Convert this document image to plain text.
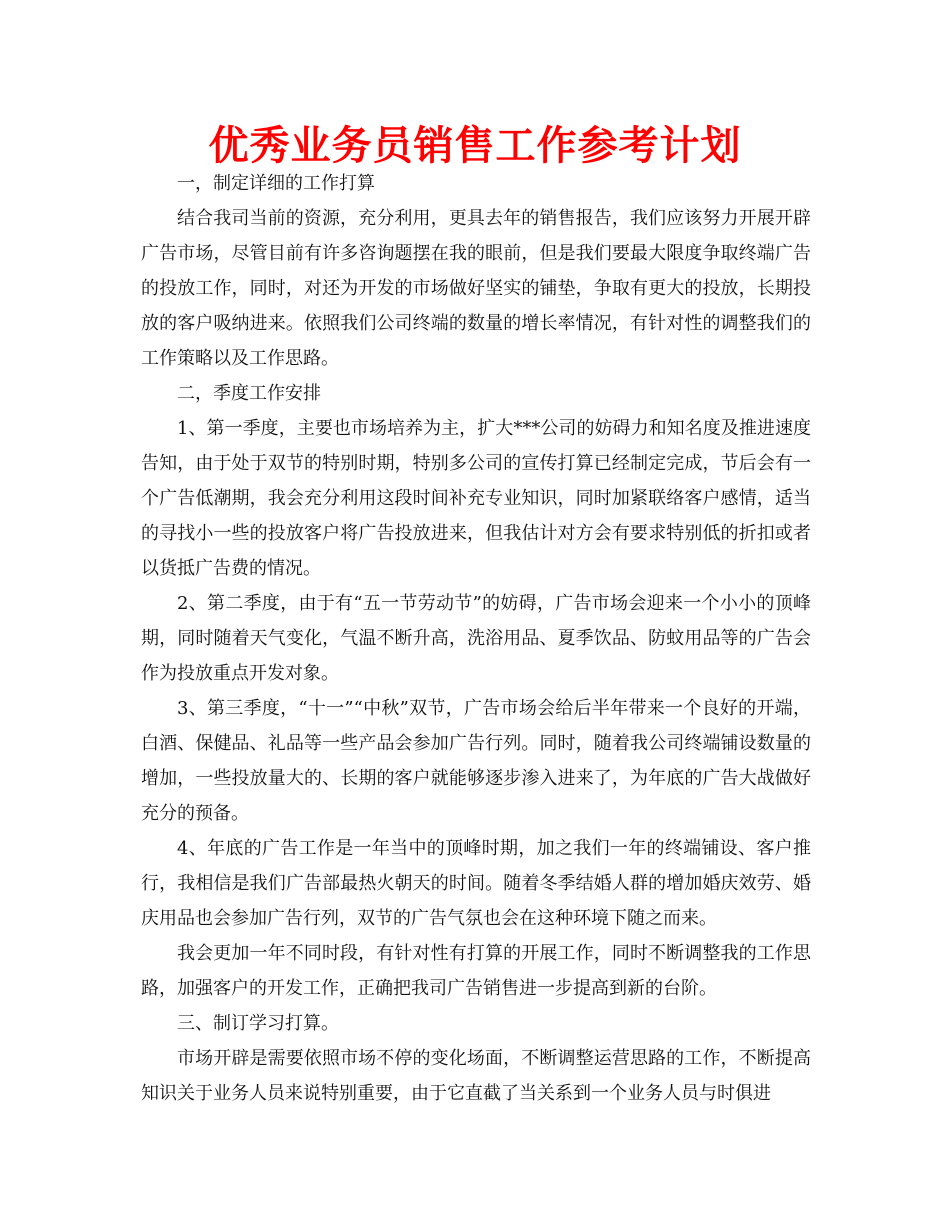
优秀业务员销售工作参考计划

一，制定详细的工作打算

结合我司当前的资源，充分利用，更具去年的销售报告，我们应该努力开展开辟广告市场，尽管目前有许多咨询题摆在我的眼前，但是我们要最大限度争取终端广告的投放工作，同时，对还为开发的市场做好坚实的铺垫，争取有更大的投放，长期投放的客户吸纳进来。依照我们公司终端的数量的增长率情况，有针对性的调整我们的工作策略以及工作思路。

二，季度工作安排

1、第一季度，主要也市场培养为主，扩大***公司的妨碍力和知名度及推进速度告知，由于处于双节的特别时期，特别多公司的宣传打算已经制定完成，节后会有一个广告低潮期，我会充分利用这段时间补充专业知识，同时加紧联络客户感情，适当的寻找小一些的投放客户将广告投放进来，但我估计对方会有要求特别低的折扣或者以货抵广告费的情况。

2、第二季度，由于有“五一节劳动节”的妨碍，广告市场会迎来一个小小的顶峰期，同时随着天气变化，气温不断升高，洗浴用品、夏季饮品、防蚊用品等的广告会作为投放重点开发对象。

3、第三季度，“十一”“中秋”双节，广告市场会给后半年带来一个良好的开端，白酒、保健品、礼品等一些产品会参加广告行列。同时，随着我公司终端铺设数量的增加，一些投放量大的、长期的客户就能够逐步渗入进来了，为年底的广告大战做好充分的预备。

4、年底的广告工作是一年当中的顶峰时期，加之我们一年的终端铺设、客户推行，我相信是我们广告部最热火朝天的时间。随着冬季结婚人群的增加婚庆效劳、婚庆用品也会参加广告行列，双节的广告气氛也会在这种环境下随之而来。

我会更加一年不同时段，有针对性有打算的开展工作，同时不断调整我的工作思路，加强客户的开发工作，正确把我司广告销售进一步提高到新的台阶。

三、制订学习打算。

市场开辟是需要依照市场不停的变化场面，不断调整运营思路的工作，不断提高知识关于业务人员来说特别重要，由于它直截了当关系到一个业务人员与时俱进
